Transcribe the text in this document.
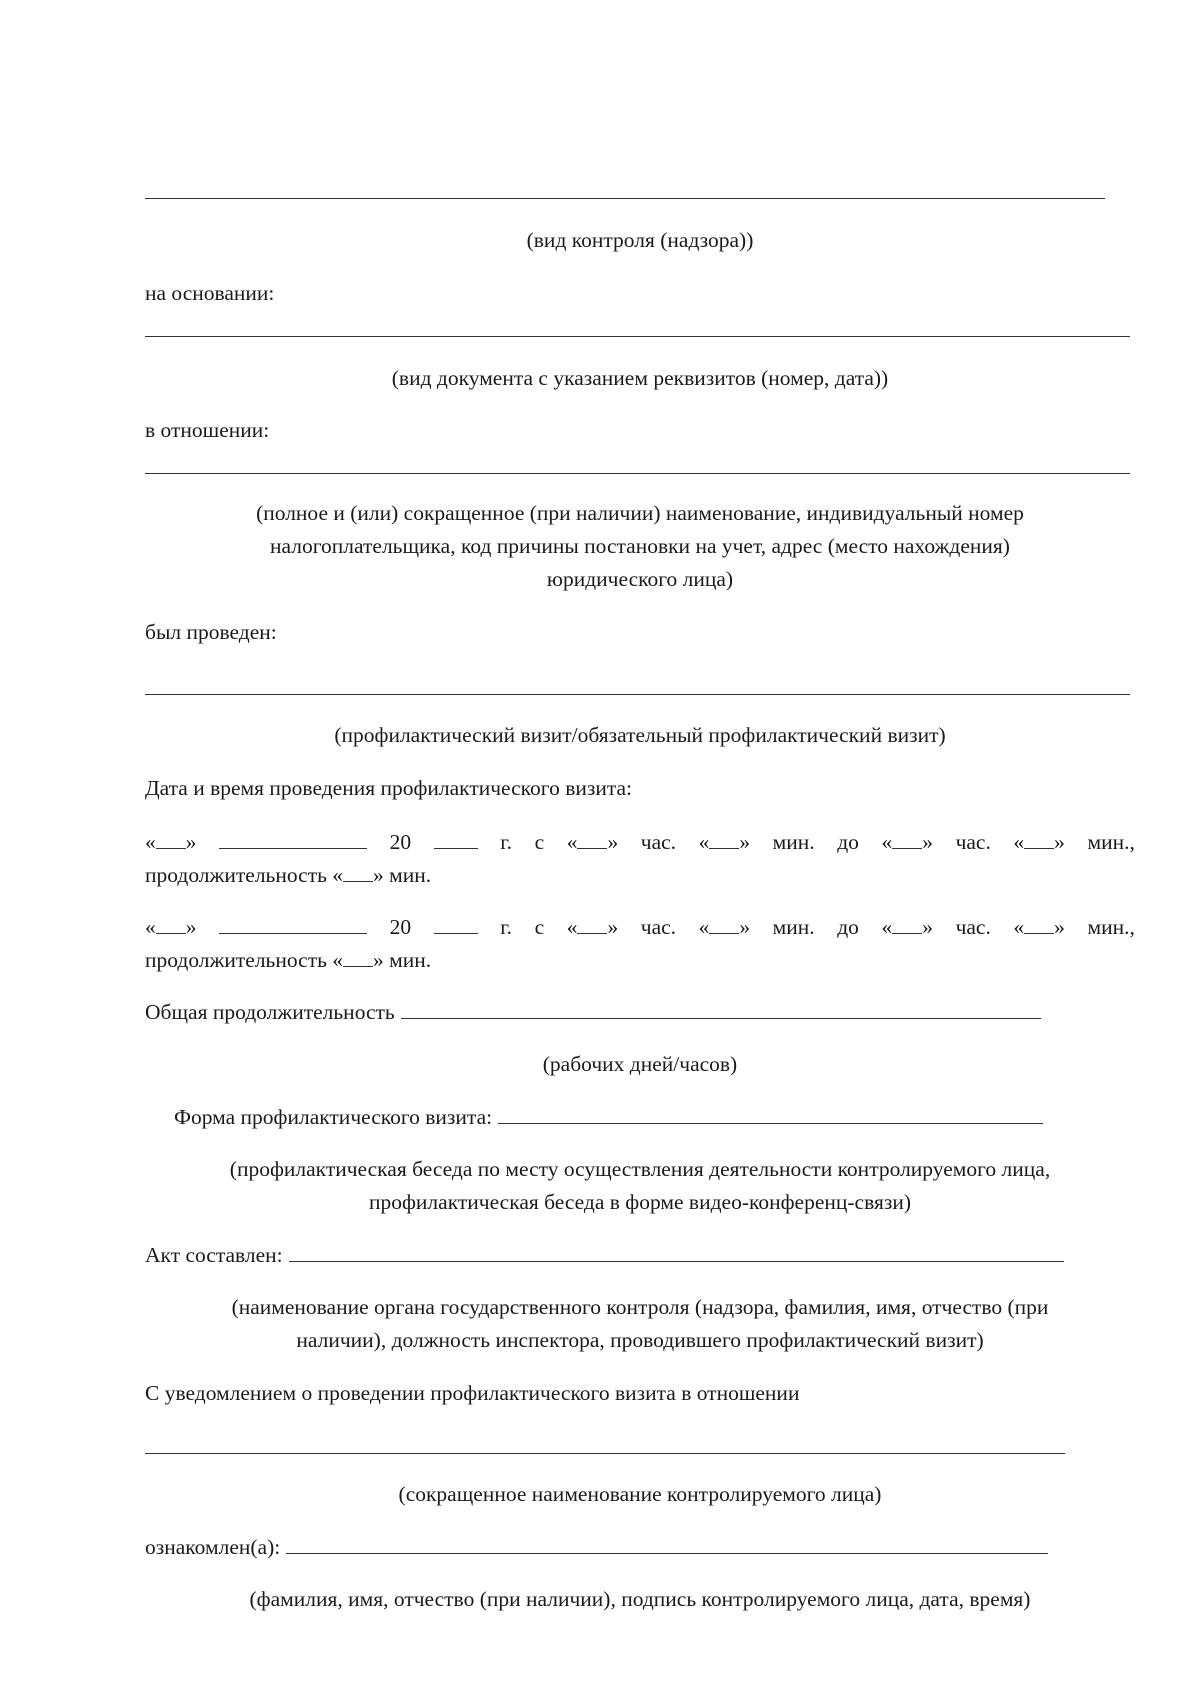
(вид контроля (надзора))
на основании:
(вид документа с указанием реквизитов (номер, дата))
в отношении:
(полное и (или) сокращенное (при наличии) наименование, индивидуальный номер
налогоплательщика, код причины постановки на учет, адрес (место нахождения)
юридического лица)
был проведен:
(профилактический визит/обязательный профилактический визит)
Дата и время проведения профилактического визита:
« »	20	г. с « » час. « » мин. до « » час. « » мин.,
продолжительность « » мин.
« »	20	г. с « » час. « » мин. до « » час. « » мин.,
продолжительность « » мин.
Общая продолжительность
(рабочих дней/часов)
Форма профилактического визита:
(профилактическая беседа по месту осуществления деятельности контролируемого лица,
профилактическая беседа в форме видео-конференц-связи)
Акт составлен:
(наименование органа государственного контроля (надзора, фамилия, имя, отчество (при
наличии), должность инспектора, проводившего профилактический визит)
С уведомлением о проведении профилактического визита в отношении
(сокращенное наименование контролируемого лица)
ознакомлен(а):
(фамилия, имя, отчество (при наличии), подпись контролируемого лица, дата, время)
